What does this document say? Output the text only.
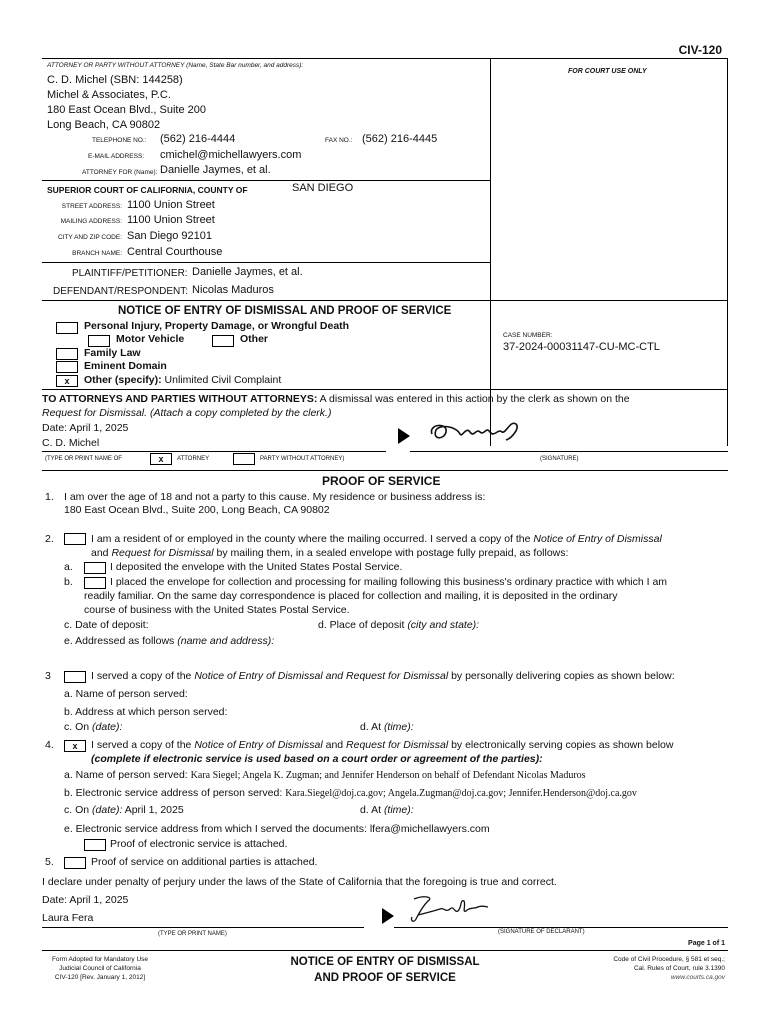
CIV-120
ATTORNEY OR PARTY WITHOUT ATTORNEY (Name, State Bar number, and address):
FOR COURT USE ONLY
C. D. Michel (SBN: 144258)
Michel & Associates, P.C.
180 East Ocean Blvd., Suite 200
Long Beach, CA 90802
TELEPHONE NO.: (562) 216-4444	FAX NO.: (562) 216-4445
E-MAIL ADDRESS: cmichel@michellawyers.com
ATTORNEY FOR (Name): Danielle Jaymes, et al.
SUPERIOR COURT OF CALIFORNIA, COUNTY OF	SAN DIEGO
STREET ADDRESS: 1100 Union Street
MAILING ADDRESS: 1100 Union Street
CITY AND ZIP CODE: San Diego 92101
BRANCH NAME: Central Courthouse
PLAINTIFF/PETITIONER: Danielle Jaymes, et al.
DEFENDANT/RESPONDENT: Nicolas Maduros
NOTICE OF ENTRY OF DISMISSAL AND PROOF OF SERVICE
Personal Injury, Property Damage, or Wrongful Death
Motor Vehicle	Other
Family Law
Eminent Domain
x	Other (specify): Unlimited Civil Complaint
CASE NUMBER:
37-2024-00031147-CU-MC-CTL
TO ATTORNEYS AND PARTIES WITHOUT ATTORNEYS: A dismissal was entered in this action by the clerk as shown on the
Request for Dismissal. (Attach a copy completed by the clerk.)
Date: April 1, 2025
C. D. Michel
(TYPE OR PRINT NAME OF	x	ATTORNEY	PARTY WITHOUT ATTORNEY)	(SIGNATURE)
PROOF OF SERVICE
1. I am over the age of 18 and not a party to this cause. My residence or business address is:
180 East Ocean Blvd., Suite 200, Long Beach, CA 90802
2.	I am a resident of or employed in the county where the mailing occurred. I served a copy of the Notice of Entry of Dismissal
and Request for Dismissal by mailing them, in a sealed envelope with postage fully prepaid, as follows:
a.	I deposited the envelope with the United States Postal Service.
b.	I placed the envelope for collection and processing for mailing following this business's ordinary practice with which I am
readily familiar. On the same day correspondence is placed for collection and mailing, it is deposited in the ordinary
course of business with the United States Postal Service.
c. Date of deposit:	d. Place of deposit (city and state):
e. Addressed as follows (name and address):
3	I served a copy of the Notice of Entry of Dismissal and Request for Dismissal by personally delivering copies as shown below:
a. Name of person served:
b. Address at which person served:
c. On (date):	d. At (time):
4.	x	I served a copy of the Notice of Entry of Dismissal and Request for Dismissal by electronically serving copies as shown below
(complete if electronic service is used based on a court order or agreement of the parties):
a. Name of person served: Kara Siegel; Angela K. Zugman; and Jennifer Henderson on behalf of Defendant Nicolas Maduros
b. Electronic service address of person served: Kara.Siegel@doj.ca.gov; Angela.Zugman@doj.ca.gov; Jennifer.Henderson@doj.ca.gov
c. On (date): April 1, 2025	d. At (time):
e. Electronic service address from which I served the documents: lfera@michellawyers.com
Proof of electronic service is attached.
5.	Proof of service on additional parties is attached.
I declare under penalty of perjury under the laws of the State of California that the foregoing is true and correct.
Date: April 1, 2025
Laura Fera
(TYPE OR PRINT NAME)	(SIGNATURE OF DECLARANT)
Page 1 of 1
Form Adopted for Mandatory Use
Judicial Council of California
CIV-120 [Rev. January 1, 2012]
NOTICE OF ENTRY OF DISMISSAL
AND PROOF OF SERVICE
Code of Civil Procedure, § 581 et seq.;
Cal. Rules of Court, rule 3.1390
www.courts.ca.gov
